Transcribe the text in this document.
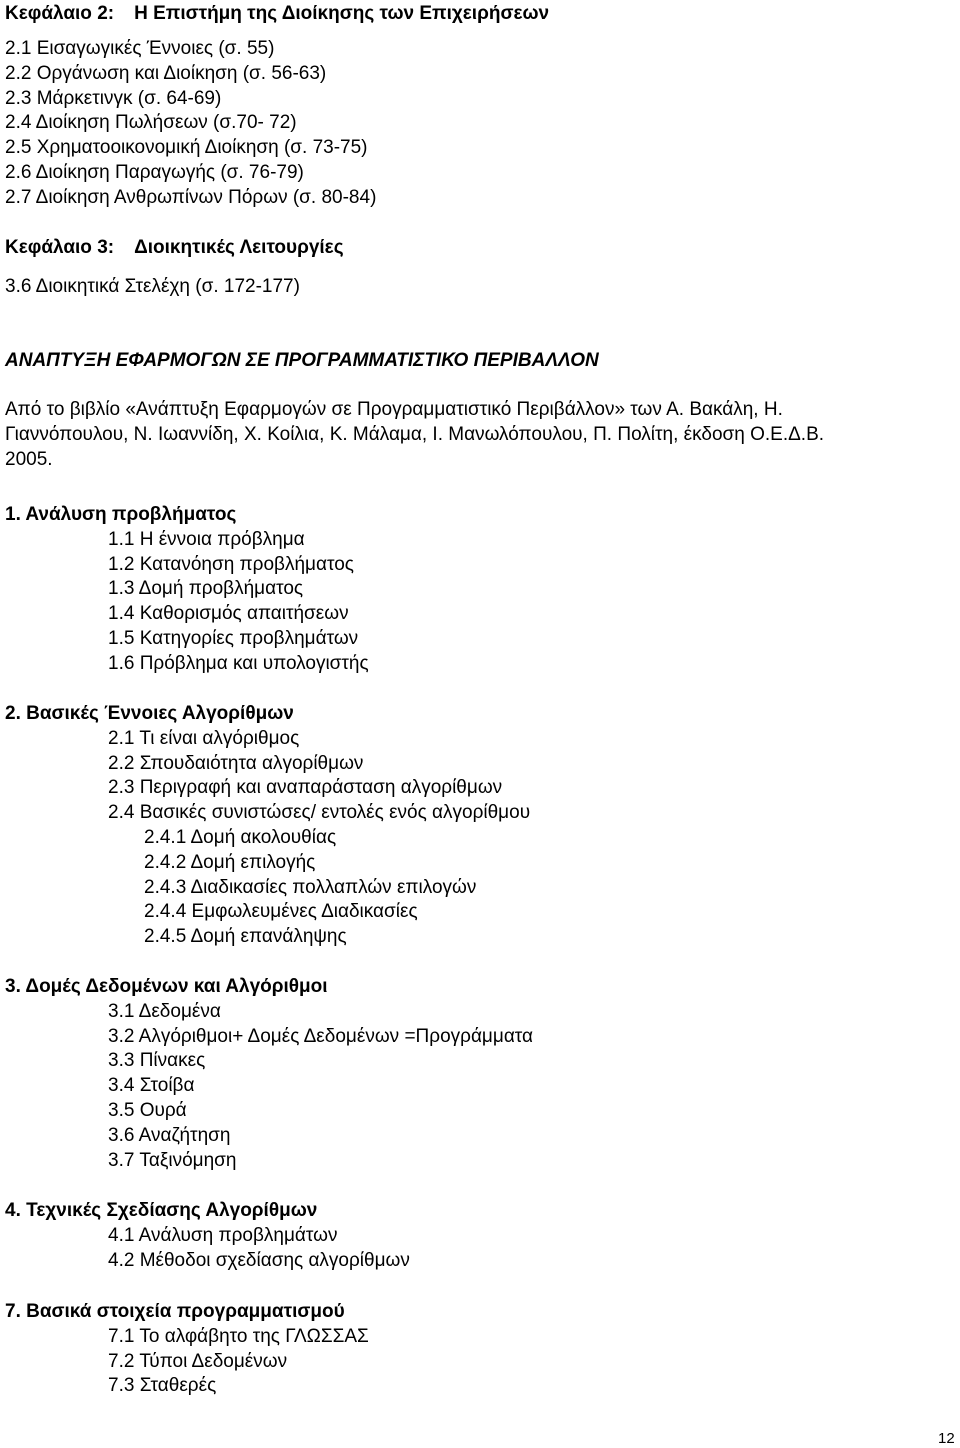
Κεφάλαιο 2: Η Επιστήμη της Διοίκησης των Επιχειρήσεων
2.1 Εισαγωγικές Έννοιες (σ. 55)
2.2 Οργάνωση και Διοίκηση (σ. 56-63)
2.3 Μάρκετινγκ (σ. 64-69)
2.4 Διοίκηση Πωλήσεων (σ.70- 72)
2.5 Χρηματοοικονομική Διοίκηση (σ. 73-75)
2.6 Διοίκηση Παραγωγής (σ. 76-79)
2.7 Διοίκηση Ανθρωπίνων Πόρων (σ. 80-84)
Κεφάλαιο 3: Διοικητικές Λειτουργίες
3.6 Διοικητικά Στελέχη (σ. 172-177)
ΑΝΑΠΤΥΞΗ ΕΦΑΡΜΟΓΩΝ ΣΕ ΠΡΟΓΡΑΜΜΑΤΙΣΤΙΚΟ ΠΕΡΙΒΑΛΛΟΝ
Από το βιβλίο «Ανάπτυξη Εφαρμογών σε Προγραμματιστικό Περιβάλλον» των Α. Βακάλη, Η.
Γιαννόπουλου, Ν. Ιωαννίδη, Χ. Κοίλια, Κ. Μάλαμα, Ι. Μανωλόπουλου, Π. Πολίτη, έκδοση Ο.Ε.Δ.Β.
2005.
1. Ανάλυση προβλήματος
1.1 Η έννοια πρόβλημα
1.2 Κατανόηση προβλήματος
1.3 Δομή προβλήματος
1.4 Καθορισμός απαιτήσεων
1.5 Κατηγορίες προβλημάτων
1.6 Πρόβλημα και υπολογιστής
2. Βασικές Έννοιες Αλγορίθμων
2.1 Τι είναι αλγόριθμος
2.2 Σπουδαιότητα αλγορίθμων
2.3 Περιγραφή και αναπαράσταση αλγορίθμων
2.4 Βασικές συνιστώσες/ εντολές ενός αλγορίθμου
2.4.1 Δομή ακολουθίας
2.4.2 Δομή επιλογής
2.4.3 Διαδικασίες πολλαπλών επιλογών
2.4.4 Εμφωλευμένες Διαδικασίες
2.4.5 Δομή επανάληψης
3. Δομές Δεδομένων και Αλγόριθμοι
3.1 Δεδομένα
3.2 Αλγόριθμοι+ Δομές Δεδομένων =Προγράμματα
3.3 Πίνακες
3.4 Στοίβα
3.5 Ουρά
3.6 Αναζήτηση
3.7 Ταξινόμηση
4. Τεχνικές Σχεδίασης Αλγορίθμων
4.1 Ανάλυση προβλημάτων
4.2 Μέθοδοι σχεδίασης αλγορίθμων
7. Βασικά στοιχεία προγραμματισμού
7.1 Το αλφάβητο της ΓΛΩΣΣΑΣ
7.2 Τύποι Δεδομένων
7.3 Σταθερές
12
